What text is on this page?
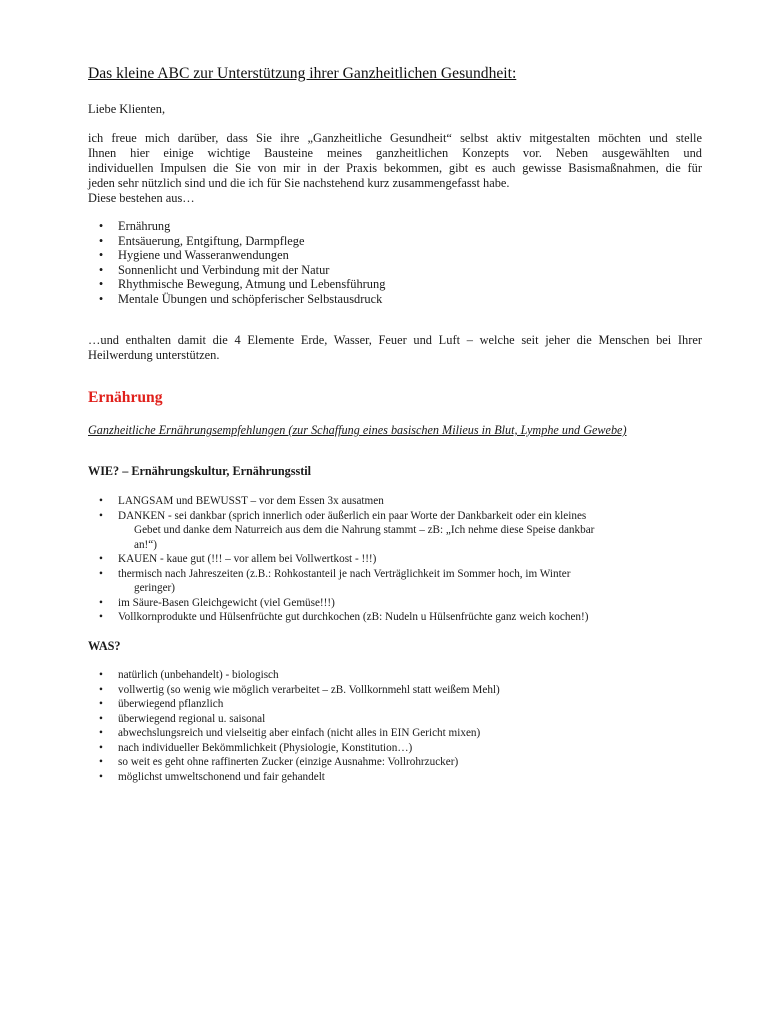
Das kleine ABC zur Unterstützung ihrer Ganzheitlichen Gesundheit:
Liebe Klienten,

ich freue mich darüber, dass Sie ihre „Ganzheitliche Gesundheit“ selbst aktiv mitgestalten möchten und stelle
Ihnen hier einige wichtige Bausteine meines ganzheitlichen Konzepts vor. Neben ausgewählten und
individuellen Impulsen die Sie von mir in der Praxis bekommen, gibt es auch gewisse Basismaßnahmen, die für
jeden sehr nützlich sind und die ich für Sie nachstehend kurz zusammengefasst habe.
Diese bestehen aus…

•
Ernährung
•
Entsäuerung, Entgiftung, Darmpflege
•
Hygiene und Wasseranwendungen
•
Sonnenlicht und Verbindung mit der Natur
•
Rhythmische Bewegung, Atmung und Lebensführung
•
Mentale Übungen und schöpferischer Selbstausdruck

…und enthalten damit die 4 Elemente Erde, Wasser, Feuer und Luft – welche seit jeher die Menschen bei Ihrer
Heilwerdung unterstützen.

Ernährung
Ganzheitliche Ernährungsempfehlungen (zur Schaffung eines basischen Milieus in Blut, Lymphe und Gewebe)
WIE? – Ernährungskultur, Ernährungsstil
•
LANGSAM und BEWUSST – vor dem Essen 3x ausatmen
•
DANKEN - sei dankbar (sprich innerlich oder äußerlich ein paar Worte der Dankbarkeit oder ein kleines
Gebet und danke dem Naturreich aus dem die Nahrung stammt – zB: „Ich nehme diese Speise dankbar
an!“)
•
KAUEN - kaue gut (!!! – vor allem bei Vollwertkost - !!!)
•
thermisch nach Jahreszeiten (z.B.: Rohkostanteil je nach Verträglichkeit im Sommer hoch, im Winter
geringer)
•
im Säure-Basen Gleichgewicht (viel Gemüse!!!)
•
Vollkornprodukte und Hülsenfrüchte gut durchkochen (zB: Nudeln u Hülsenfrüchte ganz weich kochen!)
WAS?
•
natürlich (unbehandelt) - biologisch
•
vollwertig (so wenig wie möglich verarbeitet – zB. Vollkornmehl statt weißem Mehl)
•
überwiegend pflanzlich
•
überwiegend regional u. saisonal
•
abwechslungsreich und vielseitig aber einfach (nicht alles in EIN Gericht mixen)
•
nach individueller Bekömmlichkeit (Physiologie, Konstitution…)
•
so weit es geht ohne raffinerten Zucker (einzige Ausnahme: Vollrohrzucker)
•
möglichst umweltschonend und fair gehandelt
